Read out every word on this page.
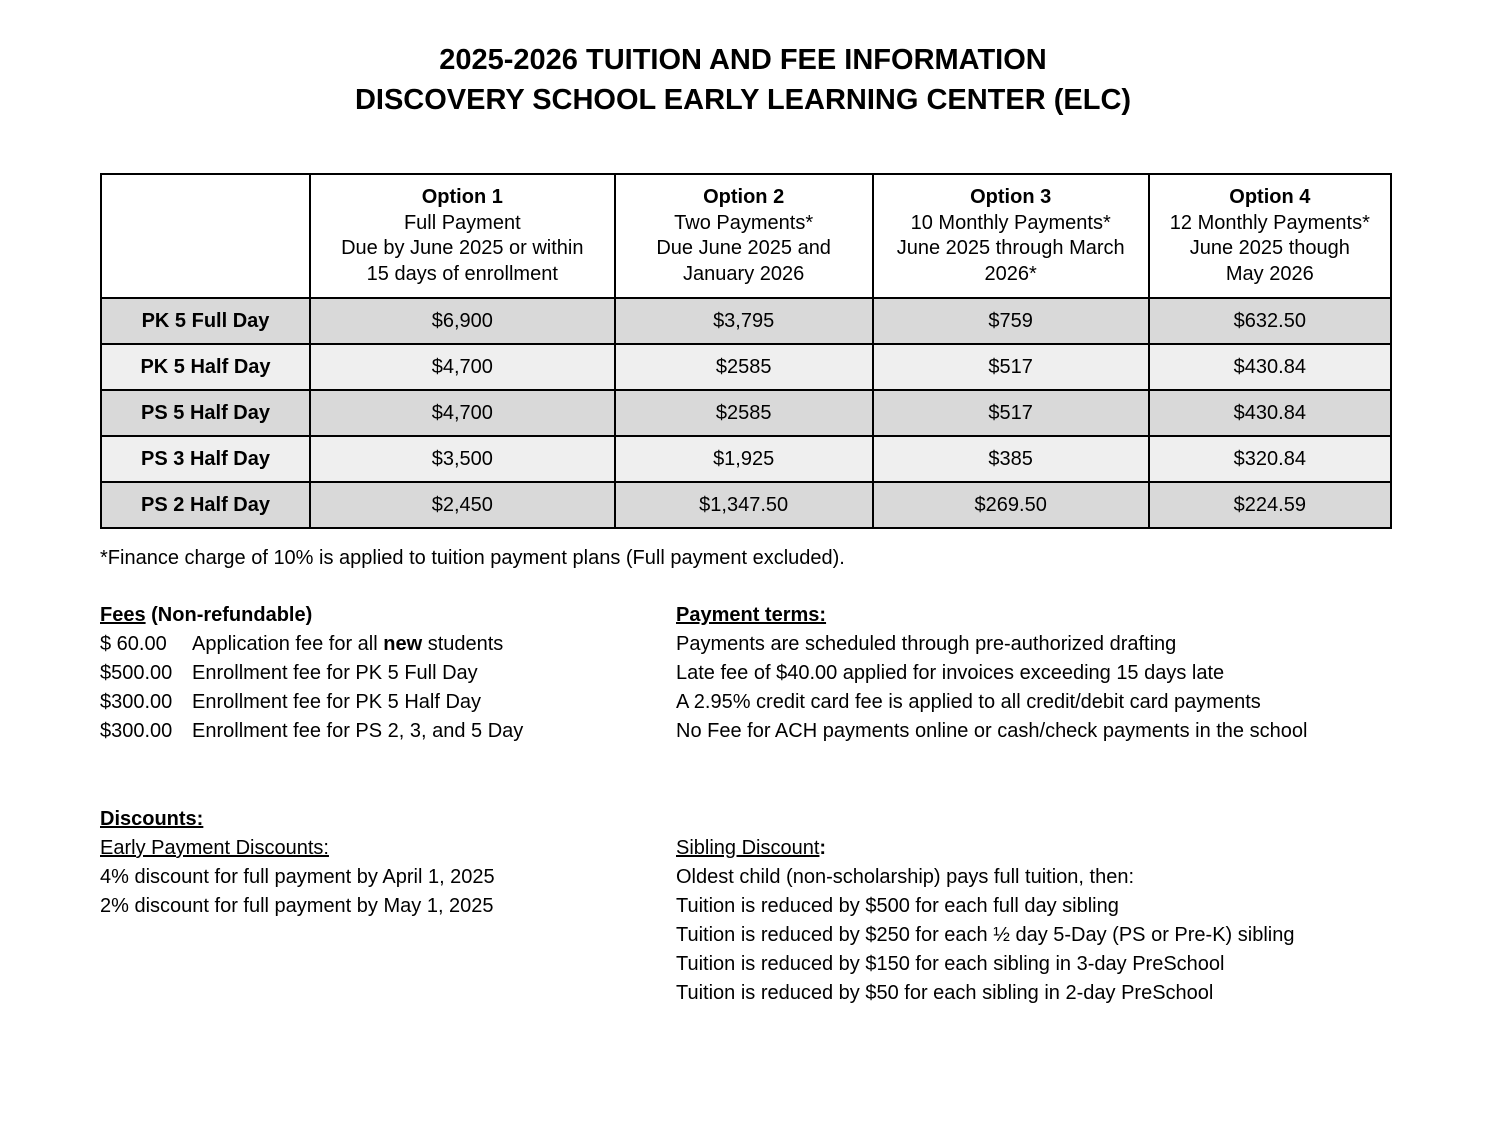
2025-2026 TUITION AND FEE INFORMATION
DISCOVERY SCHOOL EARLY LEARNING CENTER (ELC)

	Option 1
Full Payment
Due by June 2025 or within
15 days of enrollment	Option 2
Two Payments*
Due June 2025 and
January 2026	Option 3
10 Monthly Payments*
June 2025 through March
2026*	Option 4
12 Monthly Payments*
June 2025 though
May 2026

PK 5 Full Day	$6,900	$3,795	$759	$632.50
PK 5 Half Day	$4,700	$2585	$517	$430.84
PS 5 Half Day	$4,700	$2585	$517	$430.84
PS 3 Half Day	$3,500	$1,925	$385	$320.84
PS 2 Half Day	$2,450	$1,347.50	$269.50	$224.59
*Finance charge of 10% is applied to tuition payment plans (Full payment excluded).
Fees (Non-refundable)
$ 60.00 Application fee for all new students
$500.00 Enrollment fee for PK 5 Full Day
$300.00 Enrollment fee for PK 5 Half Day
$300.00 Enrollment fee for PS 2, 3, and 5 Day
Payment terms:
Payments are scheduled through pre-authorized drafting
Late fee of $40.00 applied for invoices exceeding 15 days late
A 2.95% credit card fee is applied to all credit/debit card payments
No Fee for ACH payments online or cash/check payments in the school
Discounts:
Early Payment Discounts:
4% discount for full payment by April 1, 2025
2% discount for full payment by May 1, 2025
Sibling Discount:
Oldest child (non-scholarship) pays full tuition, then:
Tuition is reduced by $500 for each full day sibling
Tuition is reduced by $250 for each ½ day 5-Day (PS or Pre-K) sibling
Tuition is reduced by $150 for each sibling in 3-day PreSchool
Tuition is reduced by $50 for each sibling in 2-day PreSchool
